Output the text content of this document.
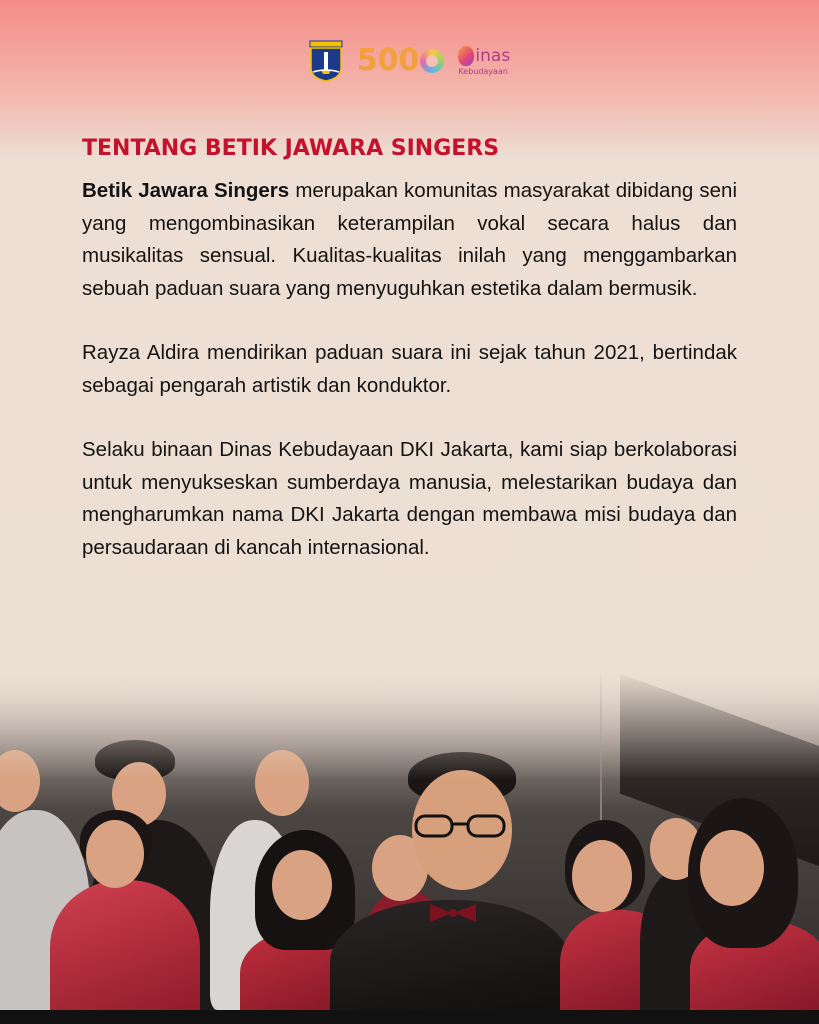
500	inas
Kebudayaan
TENTANG BETIK JAWARA SINGERS

Betik Jawara Singers merupakan komunitas masyarakat dibidang seni yang mengombinasikan keterampilan vokal secara halus dan musikalitas sensual. Kualitas-kualitas inilah yang menggambarkan sebuah paduan suara yang menyuguhkan estetika dalam bermusik.

Rayza Aldira mendirikan paduan suara ini sejak tahun 2021, bertindak sebagai pengarah artistik dan konduktor.

Selaku binaan Dinas Kebudayaan DKI Jakarta, kami siap berkolaborasi untuk menyukseskan sumberdaya manusia, melestarikan budaya dan mengharumkan nama DKI Jakarta dengan membawa misi budaya dan persaudaraan di kancah internasional.
